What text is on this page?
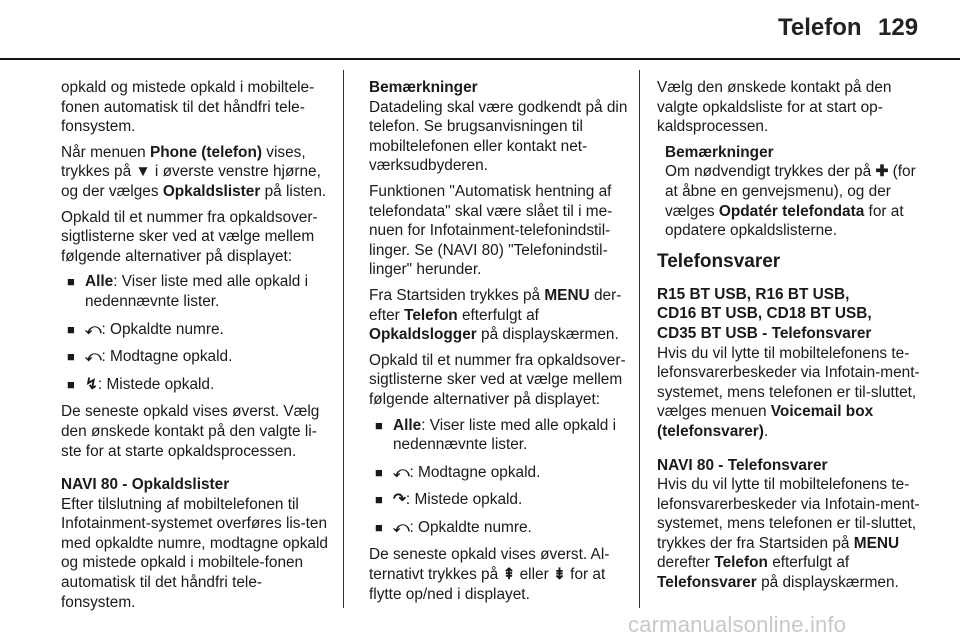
Telefon 129
opkald og mistede opkald i mobiltele-fonen automatisk til det håndfri tele-fonsystem.
Når menuen Phone (telefon) vises, trykkes på ▼ i øverste venstre hjørne, og der vælges Opkaldslister på listen.
Opkald til et nummer fra opkaldsover-sigtlisterne sker ved at vælge mellem følgende alternativer på displayet:
■ Alle: Viser liste med alle opkald i nedennævnte lister.
■ ⤺: Opkaldte numre.
■ ⤺: Modtagne opkald.
■ ↯: Mistede opkald.
De seneste opkald vises øverst. Vælg den ønskede kontakt på den valgte li-ste for at starte opkaldsprocessen.
NAVI 80 - Opkaldslister
Efter tilslutning af mobiltelefonen til Infotainment-systemet overføres lis-ten med opkaldte numre, modtagne opkald og mistede opkald i mobiltele-fonen automatisk til det håndfri tele-fonsystem.
Bemærkninger
Datadeling skal være godkendt på din telefon. Se brugsanvisningen til mobiltelefonen eller kontakt net-værksudbyderen.
Funktionen "Automatisk hentning af telefondata" skal være slået til i me-nuen for Infotainment-telefonindstil-linger. Se (NAVI 80) "Telefonindstil-linger" herunder.
Fra Startsiden trykkes på MENU der-efter Telefon efterfulgt af Opkaldslogger på displayskærmen.
Opkald til et nummer fra opkaldsover-sigtlisterne sker ved at vælge mellem følgende alternativer på displayet:
■ Alle: Viser liste med alle opkald i nedennævnte lister.
■ ⤺: Modtagne opkald.
■ ↷: Mistede opkald.
■ ⤺: Opkaldte numre.
De seneste opkald vises øverst. Al-ternativt trykkes på ⇞ eller ⇟ for at flytte op/ned i displayet.
Vælg den ønskede kontakt på den valgte opkaldsliste for at start op-kaldsprocessen.
Bemærkninger
Om nødvendigt trykkes der på ✚ (for at åbne en genvejsmenu), og der vælges Opdatér telefondata for at opdatere opkaldslisterne.
Telefonsvarer
R15 BT USB, R16 BT USB,
CD16 BT USB, CD18 BT USB,
CD35 BT USB - Telefonsvarer
Hvis du vil lytte til mobiltelefonens te-lefonsvarerbeskeder via Infotain-ment-systemet, mens telefonen er til-sluttet, vælges menuen Voicemail box (telefonsvarer).
NAVI 80 - Telefonsvarer
Hvis du vil lytte til mobiltelefonens te-lefonsvarerbeskeder via Infotain-ment-systemet, mens telefonen er til-sluttet, trykkes der fra Startsiden på MENU derefter Telefon efterfulgt af Telefonsvarer på displayskærmen.
carmanualsonline.info
